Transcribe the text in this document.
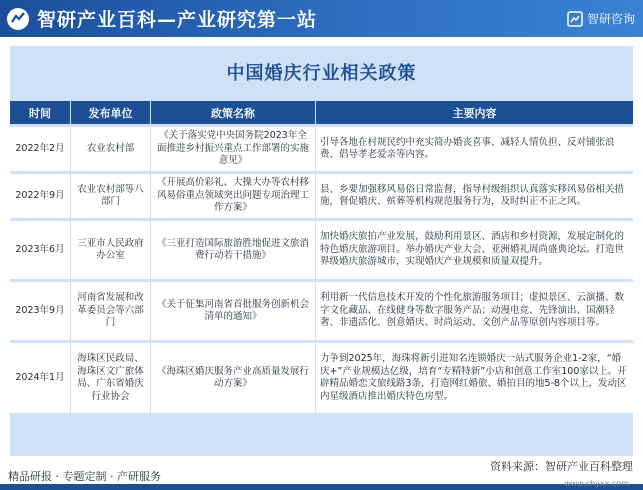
智研产业百科—产业研究第一站	智研咨询
中国婚庆行业相关政策
时间	发布单位	政策名称	主要内容
2022年2月	农业农村部	《关于落实党中央国务院2023年全面推进乡村振兴重点工作部署的实施意见》	引导各地在村规民约中充实简办婚丧喜事、减轻人情负担、反对铺张浪费、倡导孝老爱亲等内容。
2022年9月	农业农村部等八部门	《开展高价彩礼、大操大办等农村移风易俗重点领域突出问题专项治理工作方案》	县、乡要加强移风易俗日常监督，指导村级组织认真落实移风易俗相关措施，督促婚庆、殡葬等机构规范服务行为，及时纠正不正之风。
2023年6月	三亚市人民政府办公室	《三亚打造国际旅游胜地促进文旅消费行动若干措施》	加快婚庆旅拍产业发展，鼓励利用景区、酒店和乡村资源，发展定制化的特色婚庆旅游项目。举办婚庆产业大会、亚洲婚礼周尚盛典论坛。打造世界级婚庆旅游城市，实现婚庆产业规模和质量双提升。
2023年9月	河南省发展和改革委员会等六部门	《关于征集河南省首批服务创新机会清单的通知》	利用新一代信息技术开发的个性化旅游服务项目；虚拟景区、云演播、数字文化藏品、在线健身等数字服务产品；动漫电竞、先锋演出、国潮轻奢、非遗活化、创意婚庆、时尚运动、文创产品等原创内容项目等。
2024年1月	海珠区民政局、海珠区文广旅体局、广东省婚庆行业协会	《海珠区婚庆服务产业高质量发展行动方案》	力争到2025年，海珠将新引进知名连锁婚庆一站式服务企业1-2家，“婚庆+”产业规模达亿级，培育“专精特新”小店和创意工作室100家以上。开辟精品婚恋文旅线路3条，打造网红婚旅、婚拍目的地5-8个以上，发动区内星级酒店推出婚庆特色房型。
精品研报 · 专题定制 · 产研服务
资料来源：智研产业百科整理
www.chyxx.com
